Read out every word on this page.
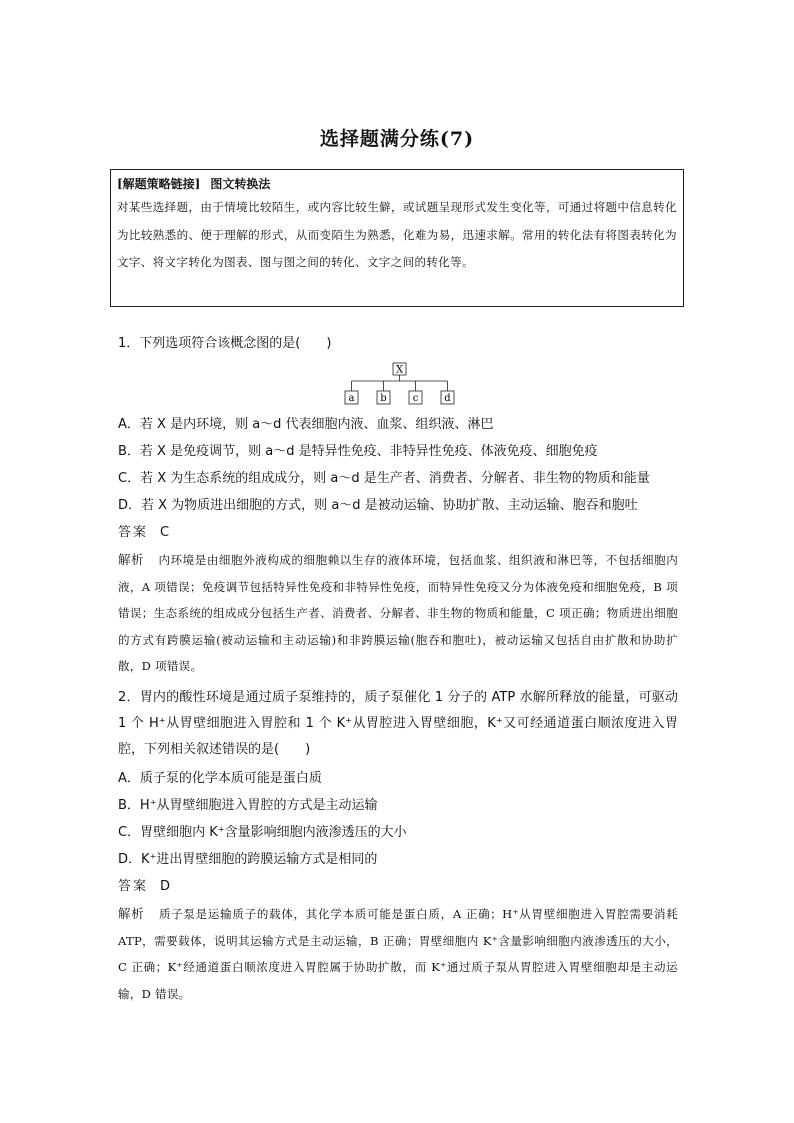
选择题满分练(7)
[解题策略链接] 图文转换法
对某些选择题，由于情境比较陌生，或内容比较生僻，或试题呈现形式发生变化等，可通过将题中信息转化为比较熟悉的、便于理解的形式，从而变陌生为熟悉，化难为易，迅速求解。常用的转化法有将图表转化为文字、将文字转化为图表、图与图之间的转化、文字之间的转化等。
1．下列选项符合该概念图的是(　　)
X
a	b	c	d
A．若 X 是内环境，则 a～d 代表细胞内液、血浆、组织液、淋巴
B．若 X 是免疫调节，则 a～d 是特异性免疫、非特异性免疫、体液免疫、细胞免疫
C．若 X 为生态系统的组成成分，则 a～d 是生产者、消费者、分解者、非生物的物质和能量
D．若 X 为物质进出细胞的方式，则 a～d 是被动运输、协助扩散、主动运输、胞吞和胞吐
答案 C
解析 内环境是由细胞外液构成的细胞赖以生存的液体环境，包括血浆、组织液和淋巴等，不包括细胞内液，A 项错误；免疫调节包括特异性免疫和非特异性免疫，而特异性免疫又分为体液免疫和细胞免疫，B 项错误；生态系统的组成成分包括生产者、消费者、分解者、非生物的物质和能量，C 项正确；物质进出细胞的方式有跨膜运输(被动运输和主动运输)和非跨膜运输(胞吞和胞吐)，被动运输又包括自由扩散和协助扩散，D 项错误。
2．胃内的酸性环境是通过质子泵维持的，质子泵催化 1 分子的 ATP 水解所释放的能量，可驱动 1 个 H⁺从胃壁细胞进入胃腔和 1 个 K⁺从胃腔进入胃壁细胞，K⁺又可经通道蛋白顺浓度进入胃腔，下列相关叙述错误的是(　　)
A．质子泵的化学本质可能是蛋白质
B．H⁺从胃壁细胞进入胃腔的方式是主动运输
C．胃壁细胞内 K⁺含量影响细胞内液渗透压的大小
D．K⁺进出胃壁细胞的跨膜运输方式是相同的
答案 D
解析 质子泵是运输质子的载体，其化学本质可能是蛋白质，A 正确；H⁺从胃壁细胞进入胃腔需要消耗 ATP，需要载体，说明其运输方式是主动运输，B 正确；胃壁细胞内 K⁺含量影响细胞内液渗透压的大小，C 正确；K⁺经通道蛋白顺浓度进入胃腔属于协助扩散，而 K⁺通过质子泵从胃腔进入胃壁细胞却是主动运输，D 错误。
